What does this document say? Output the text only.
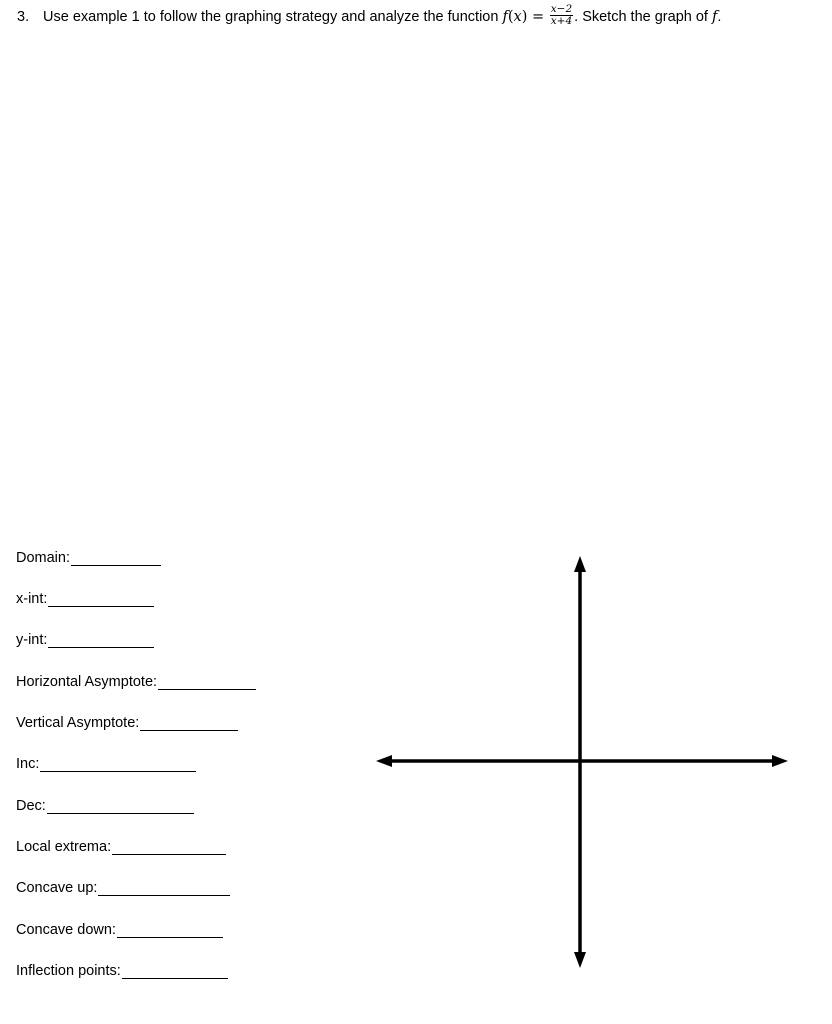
3. Use example 1 to follow the graphing strategy and analyze the function $f(x) = \frac{x-2}{x+4}$ . Sketch the graph of f.
Domain:
x-int:
y-int:
Horizontal Asymptote:
Vertical Asymptote:
Inc:
Dec:
Local extrema:
Concave up:
Concave down:
Inflection points:
